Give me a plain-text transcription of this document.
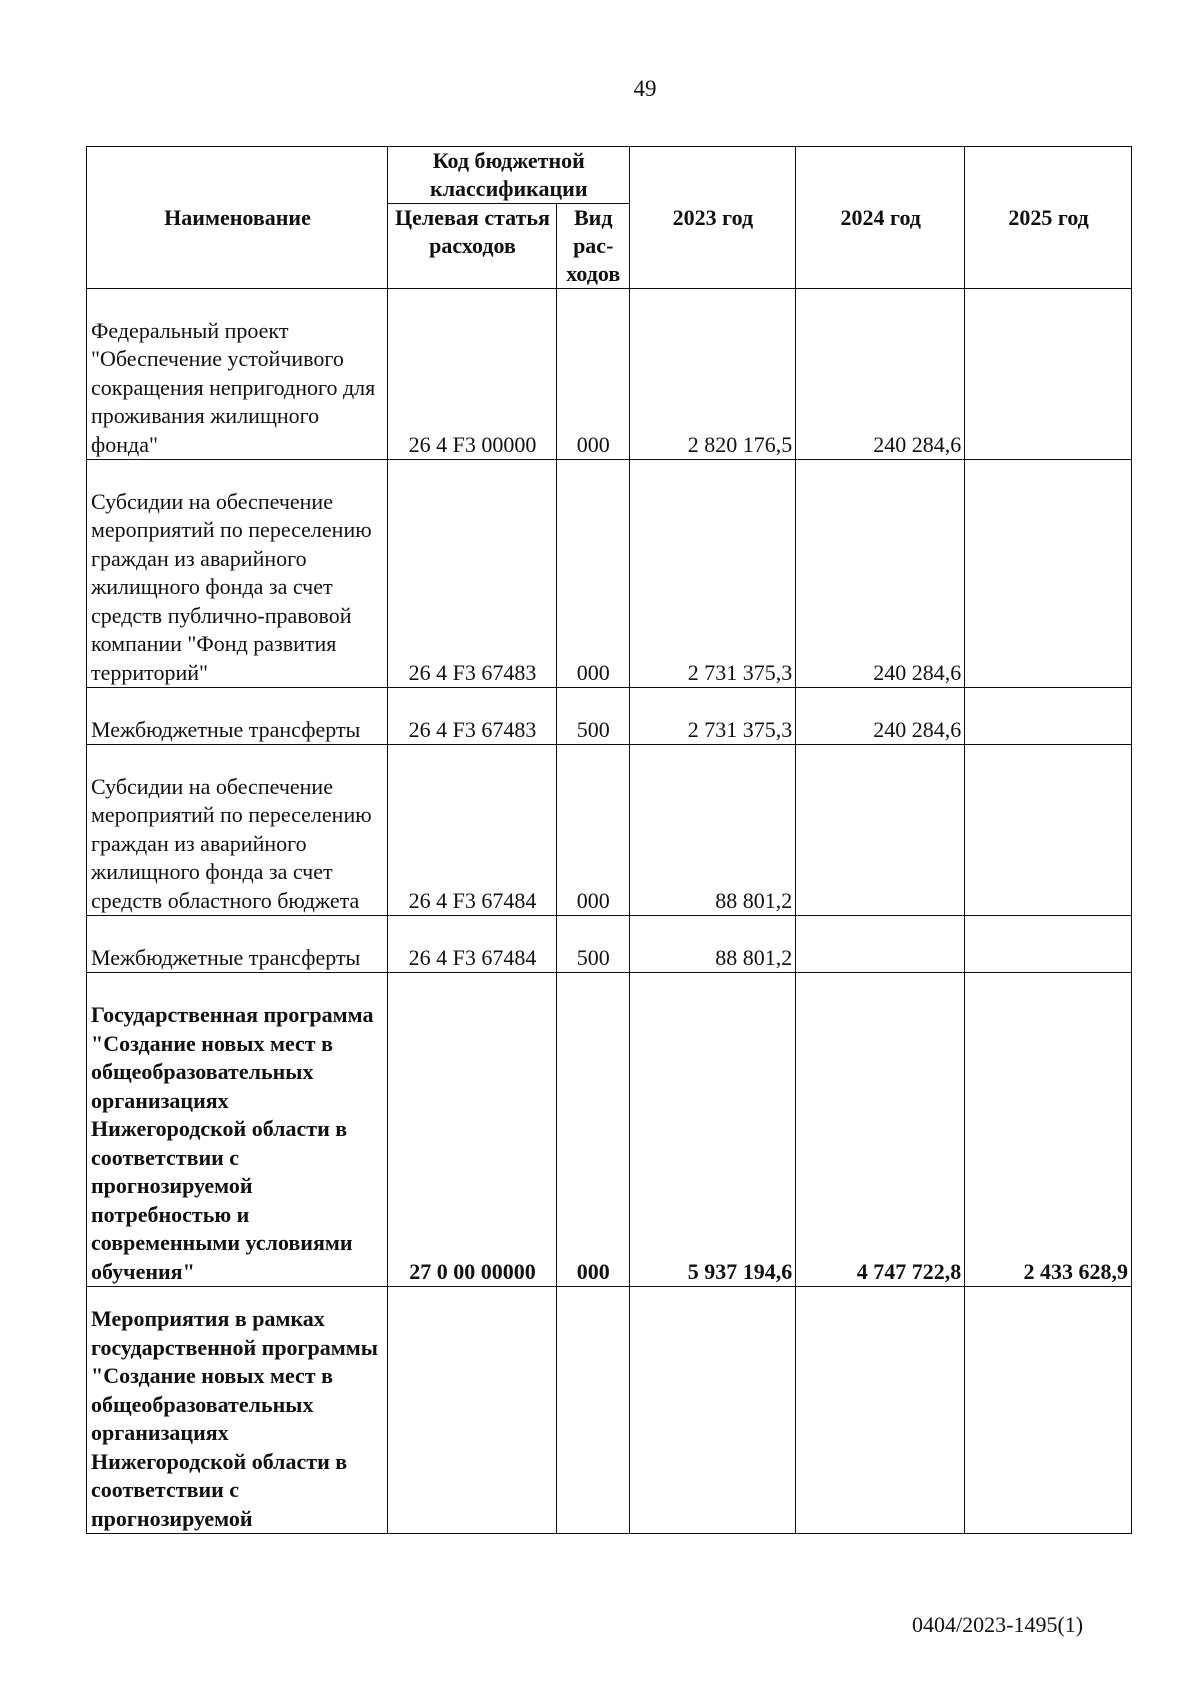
49
Наименование	Код бюджетной классификации		2023 год	2024 год	2025 год
	Целевая статья расходов	Вид рас-ходов			
Федеральный проект "Обеспечение устойчивого сокращения непригодного для проживания жилищного фонда"	26 4 F3 00000	000	2 820 176,5	240 284,6	
Субсидии на обеспечение мероприятий по переселению граждан из аварийного жилищного фонда за счет средств публично-правовой компании "Фонд развития территорий"	26 4 F3 67483	000	2 731 375,3	240 284,6	
Межбюджетные трансферты	26 4 F3 67483	500	2 731 375,3	240 284,6	
Субсидии на обеспечение мероприятий по переселению граждан из аварийного жилищного фонда за счет средств областного бюджета	26 4 F3 67484	000	88 801,2		
Межбюджетные трансферты	26 4 F3 67484	500	88 801,2		
Государственная программа "Создание новых мест в общеобразовательных организациях Нижегородской области в соответствии с прогнозируемой потребностью и современными условиями обучения"	27 0 00 00000	000	5 937 194,6	4 747 722,8	2 433 628,9
Мероприятия в рамках государственной программы "Создание новых мест в общеобразовательных организациях Нижегородской области в соответствии с прогнозируемой					
0404/2023-1495(1)
